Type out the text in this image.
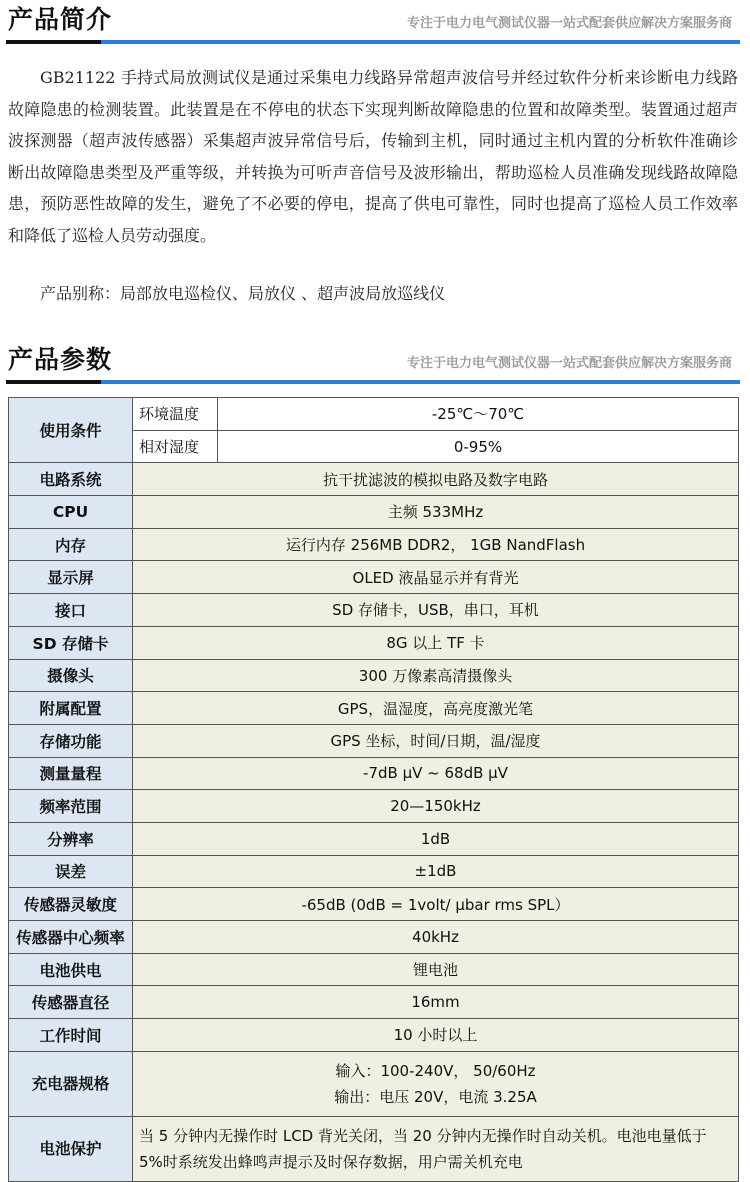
产品简介	专注于电力电气测试仪器一站式配套供应解决方案服务商
GB21122 手持式局放测试仪是通过采集电力线路异常超声波信号并经过软件分析来诊断电力线路故障隐患的检测装置。此装置是在不停电的状态下实现判断故障隐患的位置和故障类型。装置通过超声波探测器（超声波传感器）采集超声波异常信号后，传输到主机，同时通过主机内置的分析软件准确诊断出故障隐患类型及严重等级，并转换为可听声音信号及波形输出，帮助巡检人员准确发现线路故障隐患，预防恶性故障的发生，避免了不必要的停电，提高了供电可靠性，同时也提高了巡检人员工作效率和降低了巡检人员劳动强度。
产品别称：局部放电巡检仪、局放仪 、超声波局放巡线仪
产品参数	专注于电力电气测试仪器一站式配套供应解决方案服务商
使用条件	环境温度	-25℃～70℃
	相对湿度	0-95%
电路系统	抗干扰滤波的模拟电路及数字电路	
CPU	主频 533MHz	
内存	运行内存 256MB DDR2， 1GB NandFlash	
显示屏	OLED 液晶显示并有背光	
接口	SD 存储卡，USB，串口，耳机	
SD 存储卡	8G 以上 TF 卡	
摄像头	300 万像素高清摄像头	
附属配置	GPS，温湿度，高亮度激光笔	
存储功能	GPS 坐标，时间/日期，温/湿度	
测量量程	-7dB μV ~ 68dB μV	
频率范围	20—150kHz	
分辨率	1dB	
误差	±1dB	
传感器灵敏度	-65dB (0dB = 1volt/ μbar rms SPL）	
传感器中心频率	40kHz	
电池供电	锂电池	
传感器直径	16mm	
工作时间	10 小时以上	
充电器规格	输入：100-240V， 50/60Hz
输出：电压 20V，电流 3.25A	

电池保护	当 5 分钟内无操作时 LCD 背光关闭，当 20 分钟内无操作时自动关机。电池电量低于 5%时系统发出蜂鸣声提示及时保存数据，用户需关机充电	
